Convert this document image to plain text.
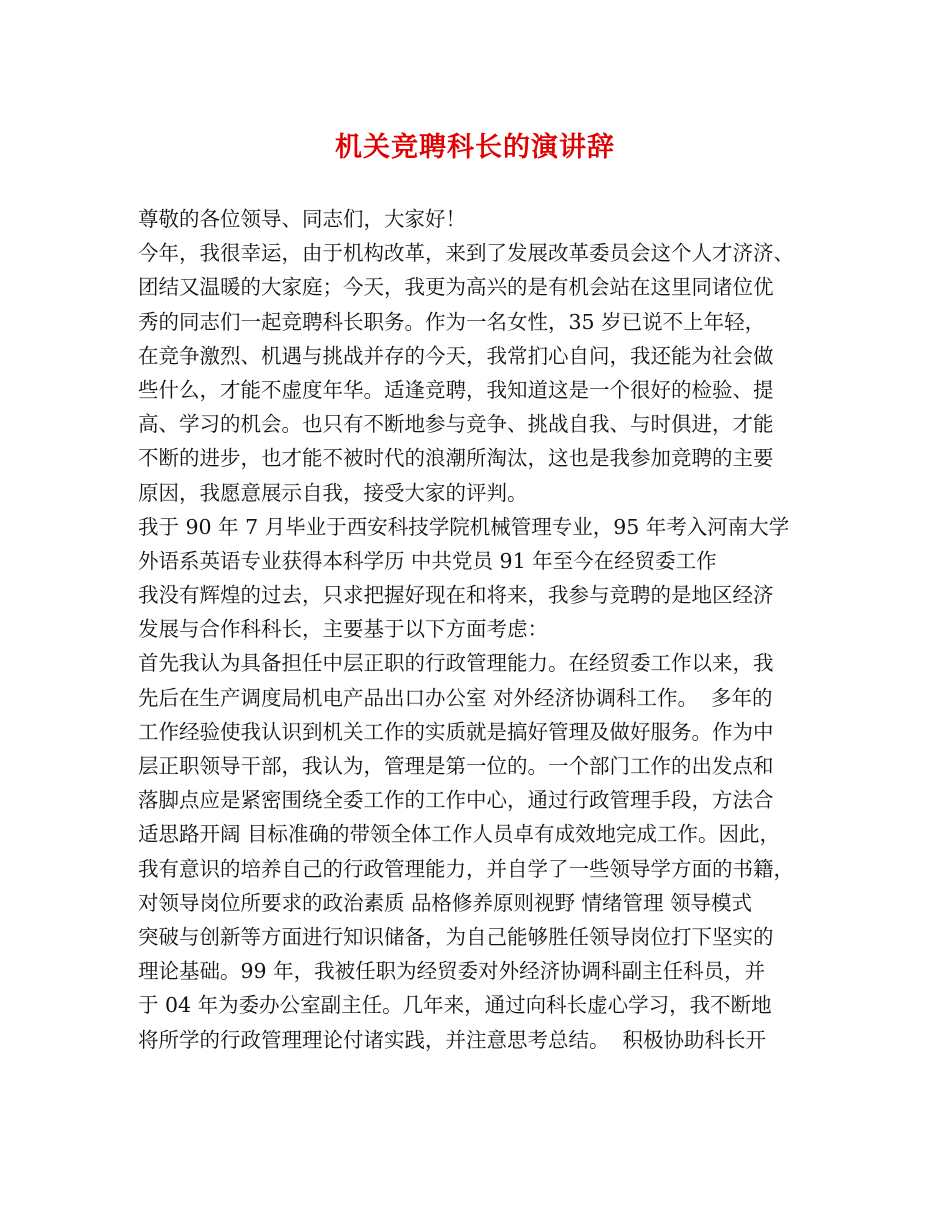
机关竞聘科长的演讲辞
尊敬的各位领导、同志们，大家好！
今年，我很幸运，由于机构改革，来到了发展改革委员会这个人才济济、
团结又温暖的大家庭；今天，我更为高兴的是有机会站在这里同诸位优
秀的同志们一起竞聘科长职务。作为一名女性，35 岁已说不上年轻，
在竞争激烈、机遇与挑战并存的今天，我常扪心自问，我还能为社会做
些什么，才能不虚度年华。适逢竞聘，我知道这是一个很好的检验、提
高、学习的机会。也只有不断地参与竞争、挑战自我、与时俱进，才能
不断的进步，也才能不被时代的浪潮所淘汰，这也是我参加竞聘的主要
原因，我愿意展示自我，接受大家的评判。
我于 90 年 7 月毕业于西安科技学院机械管理专业，95 年考入河南大学
外语系英语专业获得本科学历 中共党员 91 年至今在经贸委工作
我没有辉煌的过去，只求把握好现在和将来，我参与竞聘的是地区经济
发展与合作科科长，主要基于以下方面考虑：
首先我认为具备担任中层正职的行政管理能力。在经贸委工作以来，我
先后在生产调度局机电产品出口办公室 对外经济协调科工作。  多年的
工作经验使我认识到机关工作的实质就是搞好管理及做好服务。作为中
层正职领导干部，我认为，管理是第一位的。一个部门工作的出发点和
落脚点应是紧密围绕全委工作的工作中心，通过行政管理手段，方法合
适思路开阔 目标准确的带领全体工作人员卓有成效地完成工作。因此，
我有意识的培养自己的行政管理能力，并自学了一些领导学方面的书籍，
对领导岗位所要求的政治素质 品格修养原则视野 情绪管理 领导模式
突破与创新等方面进行知识储备，为自己能够胜任领导岗位打下坚实的
理论基础。99 年，我被任职为经贸委对外经济协调科副主任科员，并
于 04 年为委办公室副主任。几年来，通过向科长虚心学习，我不断地
将所学的行政管理理论付诸实践，并注意思考总结。  积极协助科长开
